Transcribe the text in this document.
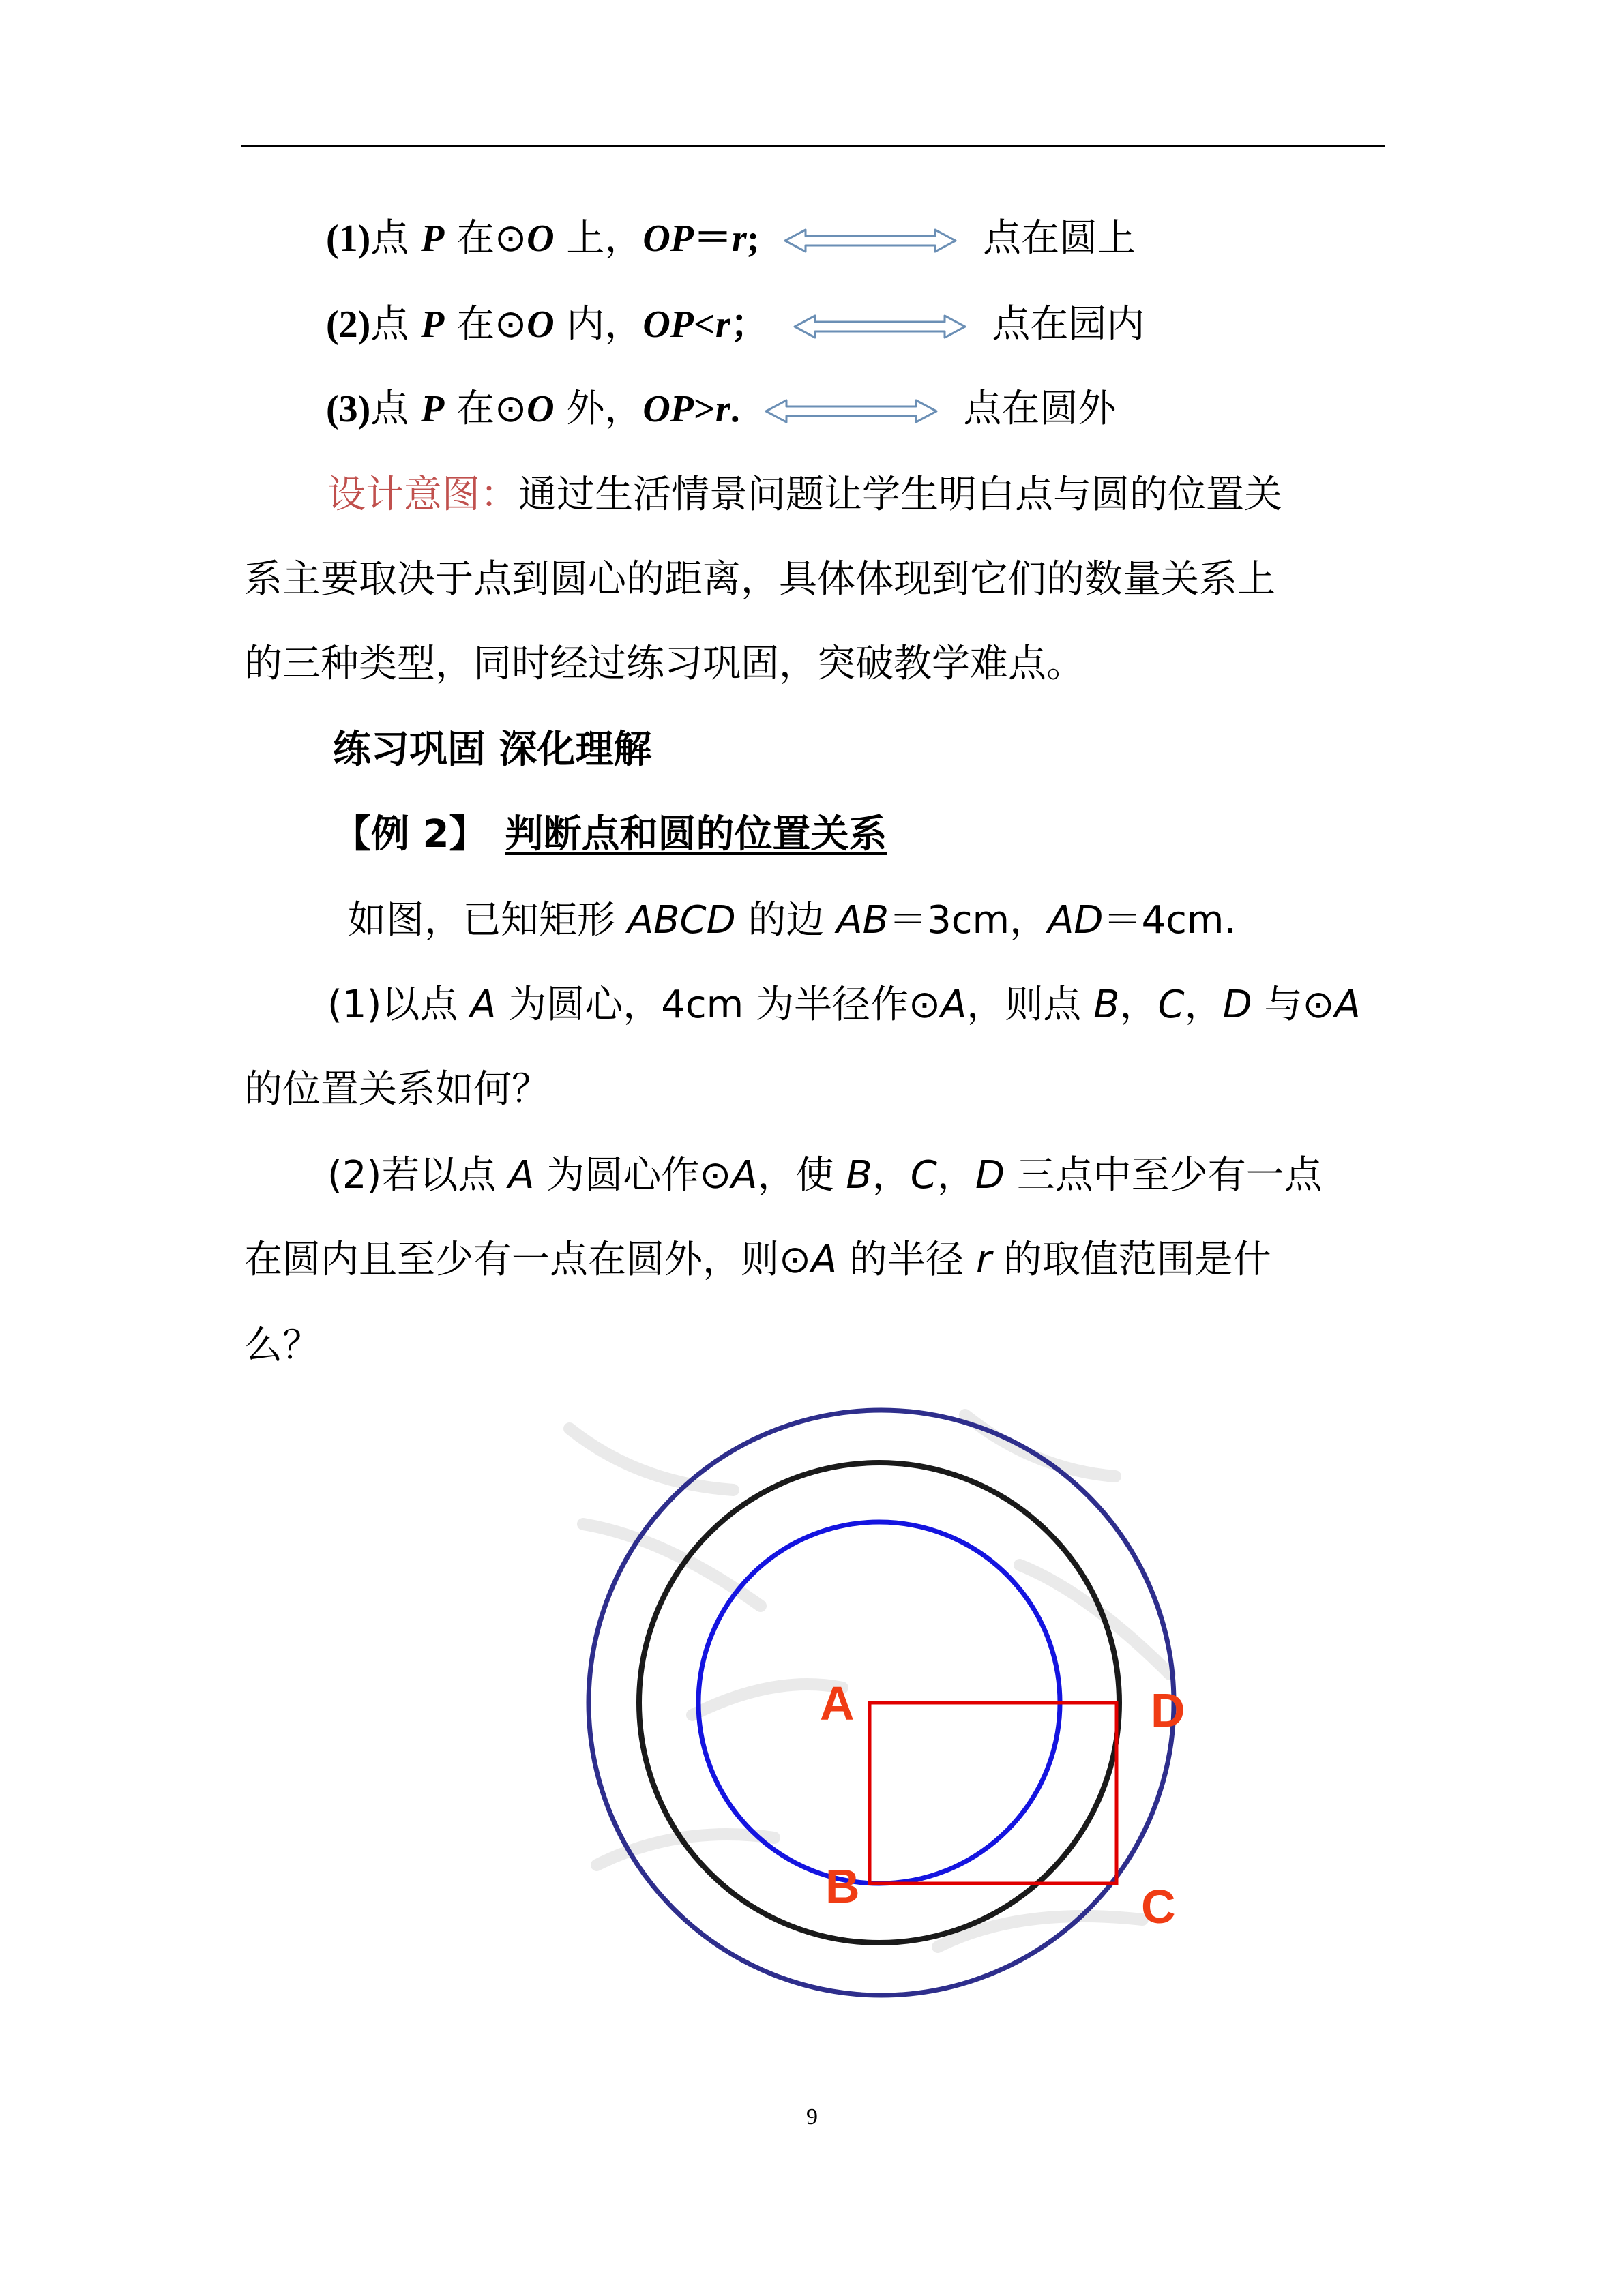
(1)点 P 在⊙O 上，OP＝r;	点在圆上
(2)点 P 在⊙O 内，OP<r；	点在园内
(3)点 P 在⊙O 外，OP>r.	点在圆外
设计意图：通过生活情景问题让学生明白点与圆的位置关
系主要取决于点到圆心的距离，具体体现到它们的数量关系上
的三种类型，同时经过练习巩固，突破教学难点。
练习巩固 深化理解
【例 2】 判断点和圆的位置关系
如图，已知矩形 ABCD 的边 AB＝3cm，AD＝4cm.
(1)以点 A 为圆心，4cm 为半径作⊙A，则点 B，C，D 与⊙A
的位置关系如何？
(2)若以点 A 为圆心作⊙A，使 B，C，D 三点中至少有一点
在圆内且至少有一点在圆外，则⊙A 的半径 r 的取值范围是什
么？
A	D
B	C
9
